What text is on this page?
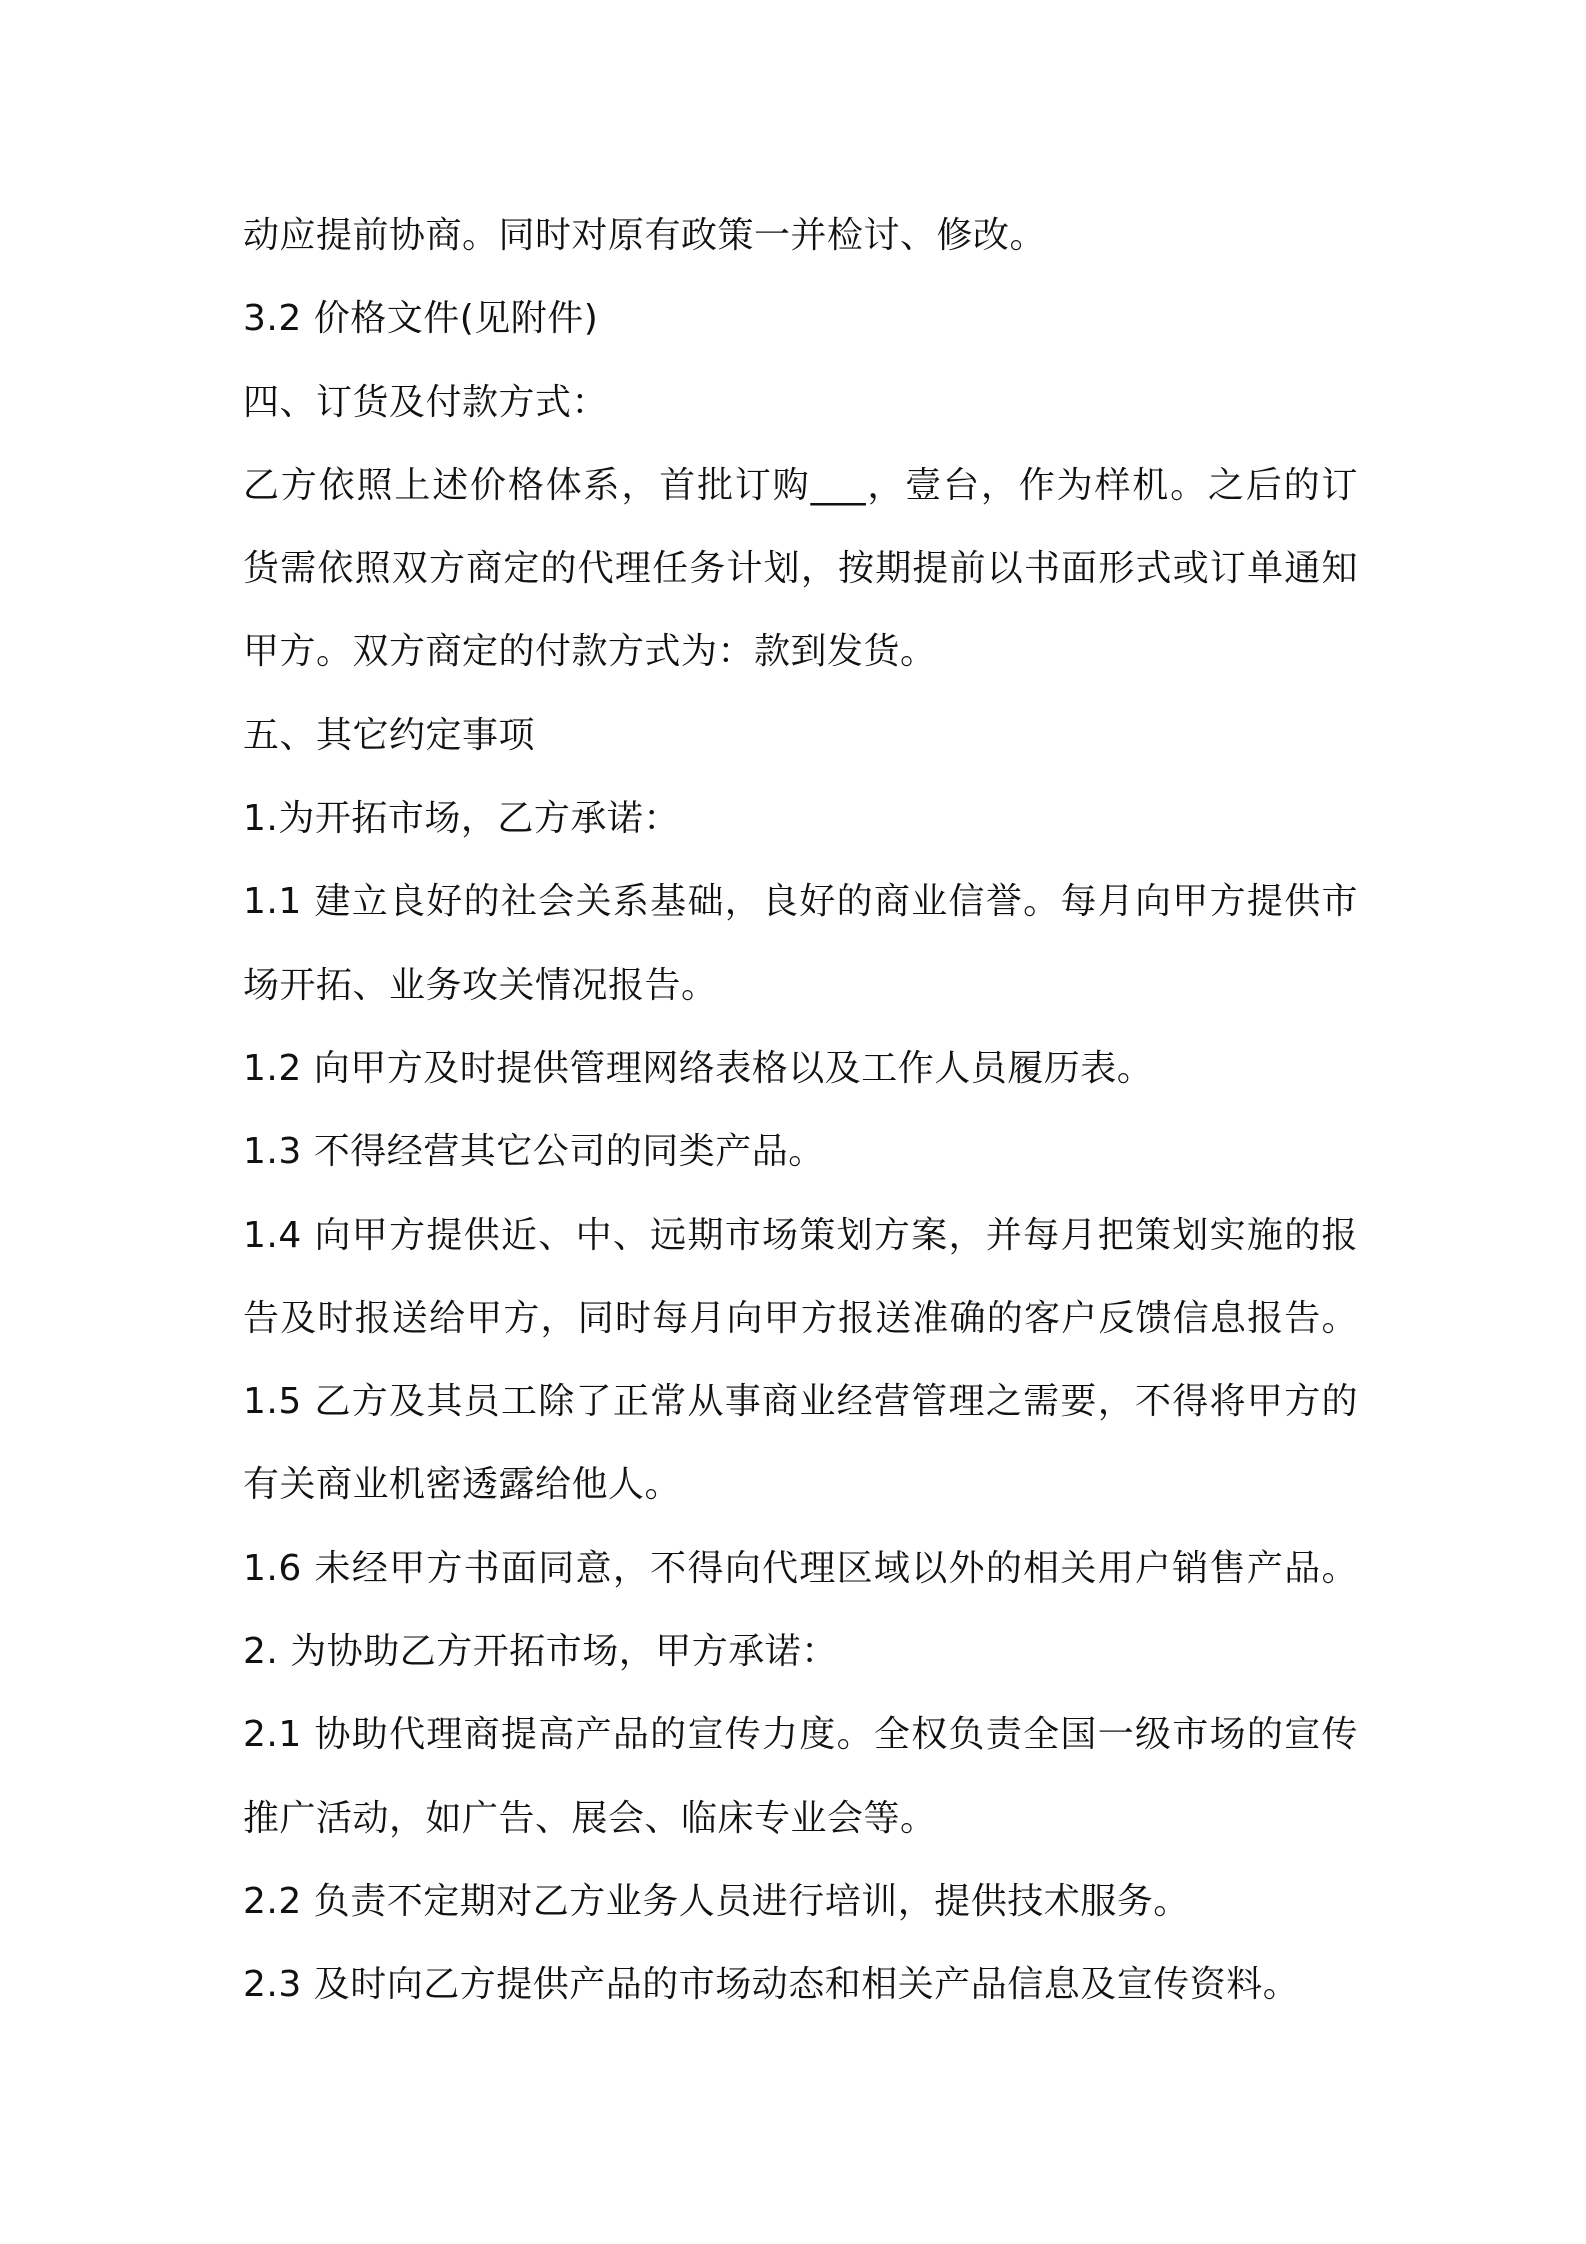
动应提前协商。同时对原有政策一并检讨、修改。
3.2 价格文件(见附件)
四、订货及付款方式：
乙方依照上述价格体系，首批订购___，壹台，作为样机。之后的订
货需依照双方商定的代理任务计划，按期提前以书面形式或订单通知
甲方。双方商定的付款方式为：款到发货。
五、其它约定事项
1.为开拓市场，乙方承诺：
1.1 建立良好的社会关系基础，良好的商业信誉。每月向甲方提供市
场开拓、业务攻关情况报告。
1.2 向甲方及时提供管理网络表格以及工作人员履历表。
1.3 不得经营其它公司的同类产品。
1.4 向甲方提供近、中、远期市场策划方案，并每月把策划实施的报
告及时报送给甲方，同时每月向甲方报送准确的客户反馈信息报告。
1.5 乙方及其员工除了正常从事商业经营管理之需要，不得将甲方的
有关商业机密透露给他人。
1.6 未经甲方书面同意，不得向代理区域以外的相关用户销售产品。
2. 为协助乙方开拓市场，甲方承诺：
2.1 协助代理商提高产品的宣传力度。全权负责全国一级市场的宣传
推广活动，如广告、展会、临床专业会等。
2.2 负责不定期对乙方业务人员进行培训，提供技术服务。
2.3 及时向乙方提供产品的市场动态和相关产品信息及宣传资料。
